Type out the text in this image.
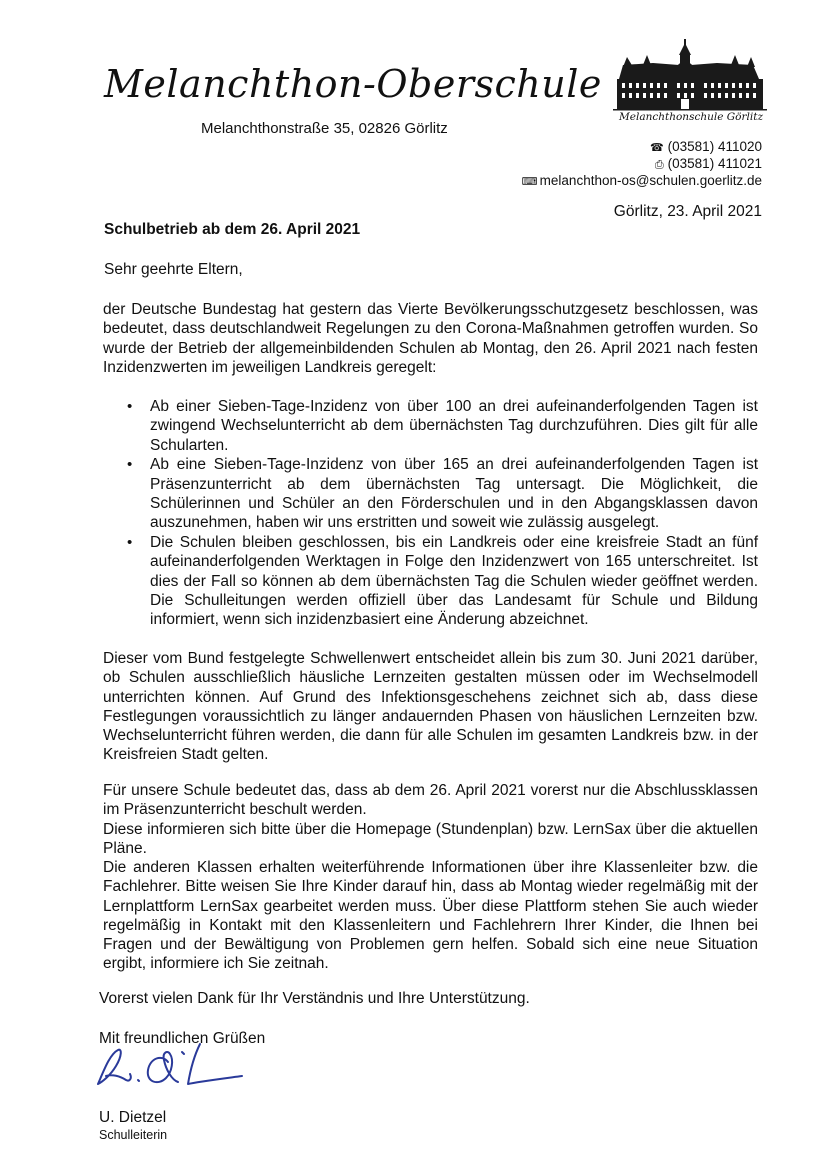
Melanchthon-Oberschule
Melanchthonstraße 35, 02826 Görlitz
Melanchthonschule Görlitz
☎ (03581) 411020
⎙ (03581) 411021
⌨ melanchthon-os@schulen.goerlitz.de
Görlitz, 23. April 2021
Schulbetrieb ab dem 26. April 2021
Sehr geehrte Eltern,
der Deutsche Bundestag hat gestern das Vierte Bevölkerungsschutzgesetz beschlossen, was bedeutet, dass deutschlandweit Regelungen zu den Corona-Maßnahmen getroffen wurden. So wurde der Betrieb der allgemeinbildenden Schulen ab Montag, den 26. April 2021 nach festen Inzidenzwerten im jeweiligen Landkreis geregelt:
• Ab einer Sieben-Tage-Inzidenz von über 100 an drei aufeinanderfolgenden Tagen ist zwingend Wechselunterricht ab dem übernächsten Tag durchzuführen. Dies gilt für alle Schularten.
• Ab eine Sieben-Tage-Inzidenz von über 165 an drei aufeinanderfolgenden Tagen ist Präsenzunterricht ab dem übernächsten Tag untersagt. Die Möglichkeit, die Schülerinnen und Schüler an den Förderschulen und in den Abgangsklassen davon auszunehmen, haben wir uns erstritten und soweit wie zulässig ausgelegt.
• Die Schulen bleiben geschlossen, bis ein Landkreis oder eine kreisfreie Stadt an fünf aufeinanderfolgenden Werktagen in Folge den Inzidenzwert von 165 unterschreitet. Ist dies der Fall so können ab dem übernächsten Tag die Schulen wieder geöffnet werden. Die Schulleitungen werden offiziell über das Landesamt für Schule und Bildung informiert, wenn sich inzidenzbasiert eine Änderung abzeichnet.
Dieser vom Bund festgelegte Schwellenwert entscheidet allein bis zum 30. Juni 2021 darüber, ob Schulen ausschließlich häusliche Lernzeiten gestalten müssen oder im Wechselmodell unterrichten können. Auf Grund des Infektionsgeschehens zeichnet sich ab, dass diese Festlegungen voraussichtlich zu länger andauernden Phasen von häuslichen Lernzeiten bzw. Wechselunterricht führen werden, die dann für alle Schulen im gesamten Landkreis bzw. in der Kreisfreien Stadt gelten.
Für unsere Schule bedeutet das, dass ab dem 26. April 2021 vorerst nur die Abschlussklassen im Präsenzunterricht beschult werden.
Diese informieren sich bitte über die Homepage (Stundenplan) bzw. LernSax über die aktuellen Pläne.
Die anderen Klassen erhalten weiterführende Informationen über ihre Klassenleiter bzw. die Fachlehrer. Bitte weisen Sie Ihre Kinder darauf hin, dass ab Montag wieder regelmäßig mit der Lernplattform LernSax gearbeitet werden muss. Über diese Plattform stehen Sie auch wieder regelmäßig in Kontakt mit den Klassenleitern und Fachlehrern Ihrer Kinder, die Ihnen bei Fragen und der Bewältigung von Problemen gern helfen. Sobald sich eine neue Situation ergibt, informiere ich Sie zeitnah.
Vorerst vielen Dank für Ihr Verständnis und Ihre Unterstützung.
Mit freundlichen Grüßen
U. Dietzel
Schulleiterin
